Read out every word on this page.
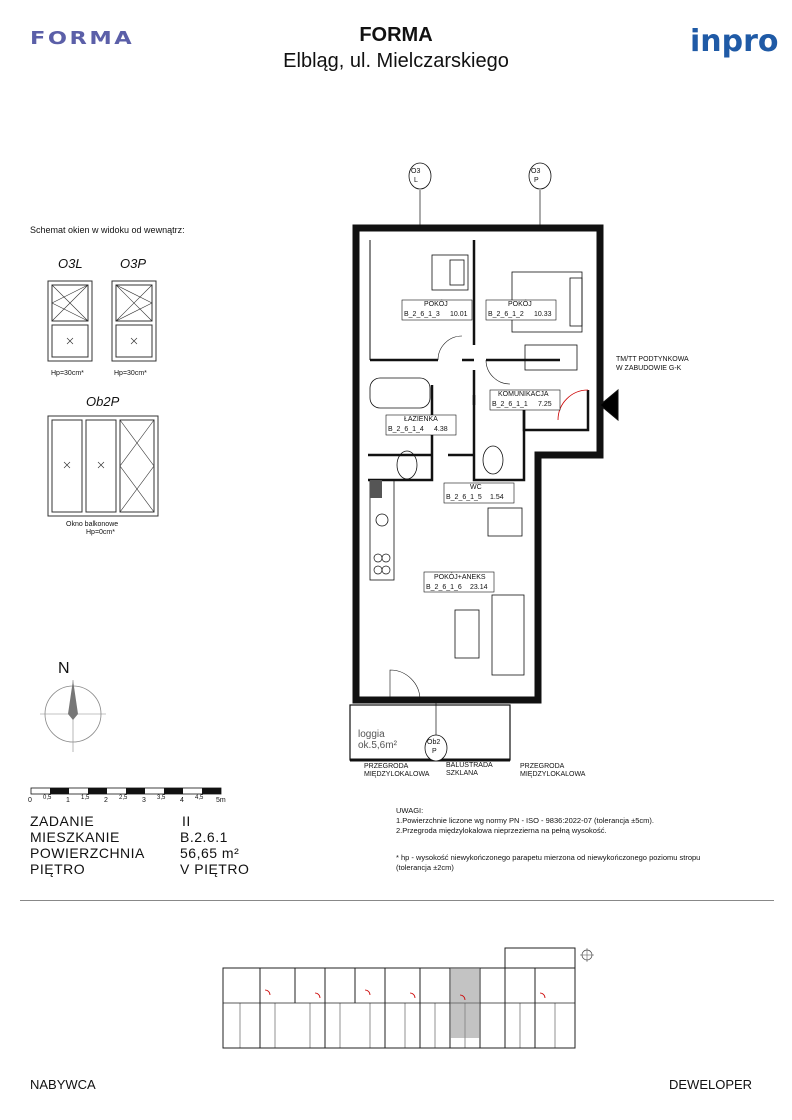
FORMA	FORMA
Elbląg, ul. Mielczarskiego
inpro
Schemat okien w widoku od wewnątrz:
O3L	O3P
Hp=30cm*	Hp=30cm*
Ob2P
Okno balkonowe
Hp=0cm*
O3
L
O3
P
Ob2
P
POKÓJ
B_2_6_1_3 10.01
POKÓJ
B_2_6_1_2 10.33
KOMUNIKACJA
B_2_6_1_1 7.25
ŁAZIENKA
B_2_6_1_4 4.38
WC
B_2_6_1_5 1.54
POKÓJ+ANEKS
B_2_6_1_6 23.14
TM/TT PODTYNKOWA
W ZABUDOWIE G-K
loggia
ok.5,6m²
PRZEGRODA
MIĘDZYLOKALOWA
BALUSTRADA
SZKLANA
PRZEGRODA
MIĘDZYLOKALOWA
N
0 0,5 1 1,5 2 2,5 3 3,5 4 4,5 5m
ZADANIE	II
MIESZKANIE	B.2.6.1
POWIERZCHNIA	56,65 m²
PIĘTRO	V PIĘTRO
UWAGI:
1.Powierzchnie liczone wg normy PN - ISO - 9836:2022-07 (tolerancja ±5cm).
2.Przegroda międzylokalowa nieprzezierna na pełną wysokość.
* hp - wysokość niewykończonego parapetu mierzona od niewykończonego poziomu stropu
(tolerancja ±2cm)
NABYWCA	DEWELOPER
